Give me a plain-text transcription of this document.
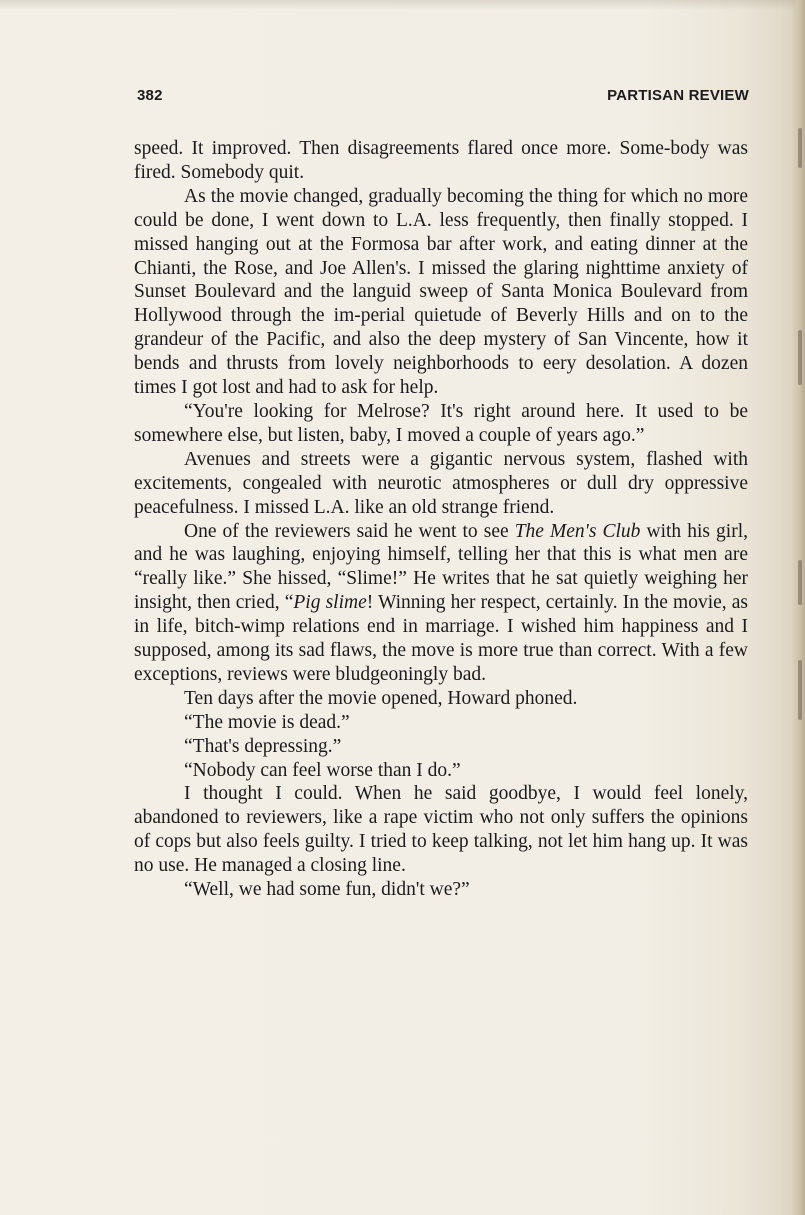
382	PARTISAN REVIEW

speed. It improved. Then disagreements flared once more. Some-body was fired. Somebody quit.

As the movie changed, gradually becoming the thing for which no more could be done, I went down to L.A. less frequently, then finally stopped. I missed hanging out at the Formosa bar after work, and eating dinner at the Chianti, the Rose, and Joe Allen's. I missed the glaring nighttime anxiety of Sunset Boulevard and the languid sweep of Santa Monica Boulevard from Hollywood through the im-perial quietude of Beverly Hills and on to the grandeur of the Pacific, and also the deep mystery of San Vincente, how it bends and thrusts from lovely neighborhoods to eery desolation. A dozen times I got lost and had to ask for help.

“You're looking for Melrose? It's right around here. It used to be somewhere else, but listen, baby, I moved a couple of years ago.”

Avenues and streets were a gigantic nervous system, flashed with excitements, congealed with neurotic atmospheres or dull dry oppressive peacefulness. I missed L.A. like an old strange friend.

One of the reviewers said he went to see The Men's Club with his girl, and he was laughing, enjoying himself, telling her that this is what men are “really like.” She hissed, “Slime!” He writes that he sat quietly weighing her insight, then cried, “Pig slime! Winning her respect, certainly. In the movie, as in life, bitch-wimp relations end in marriage. I wished him happiness and I supposed, among its sad flaws, the move is more true than correct. With a few exceptions, reviews were bludgeoningly bad.

Ten days after the movie opened, Howard phoned.

“The movie is dead.”

“That's depressing.”

“Nobody can feel worse than I do.”

I thought I could. When he said goodbye, I would feel lonely, abandoned to reviewers, like a rape victim who not only suffers the opinions of cops but also feels guilty. I tried to keep talking, not let him hang up. It was no use. He managed a closing line.

“Well, we had some fun, didn't we?”
